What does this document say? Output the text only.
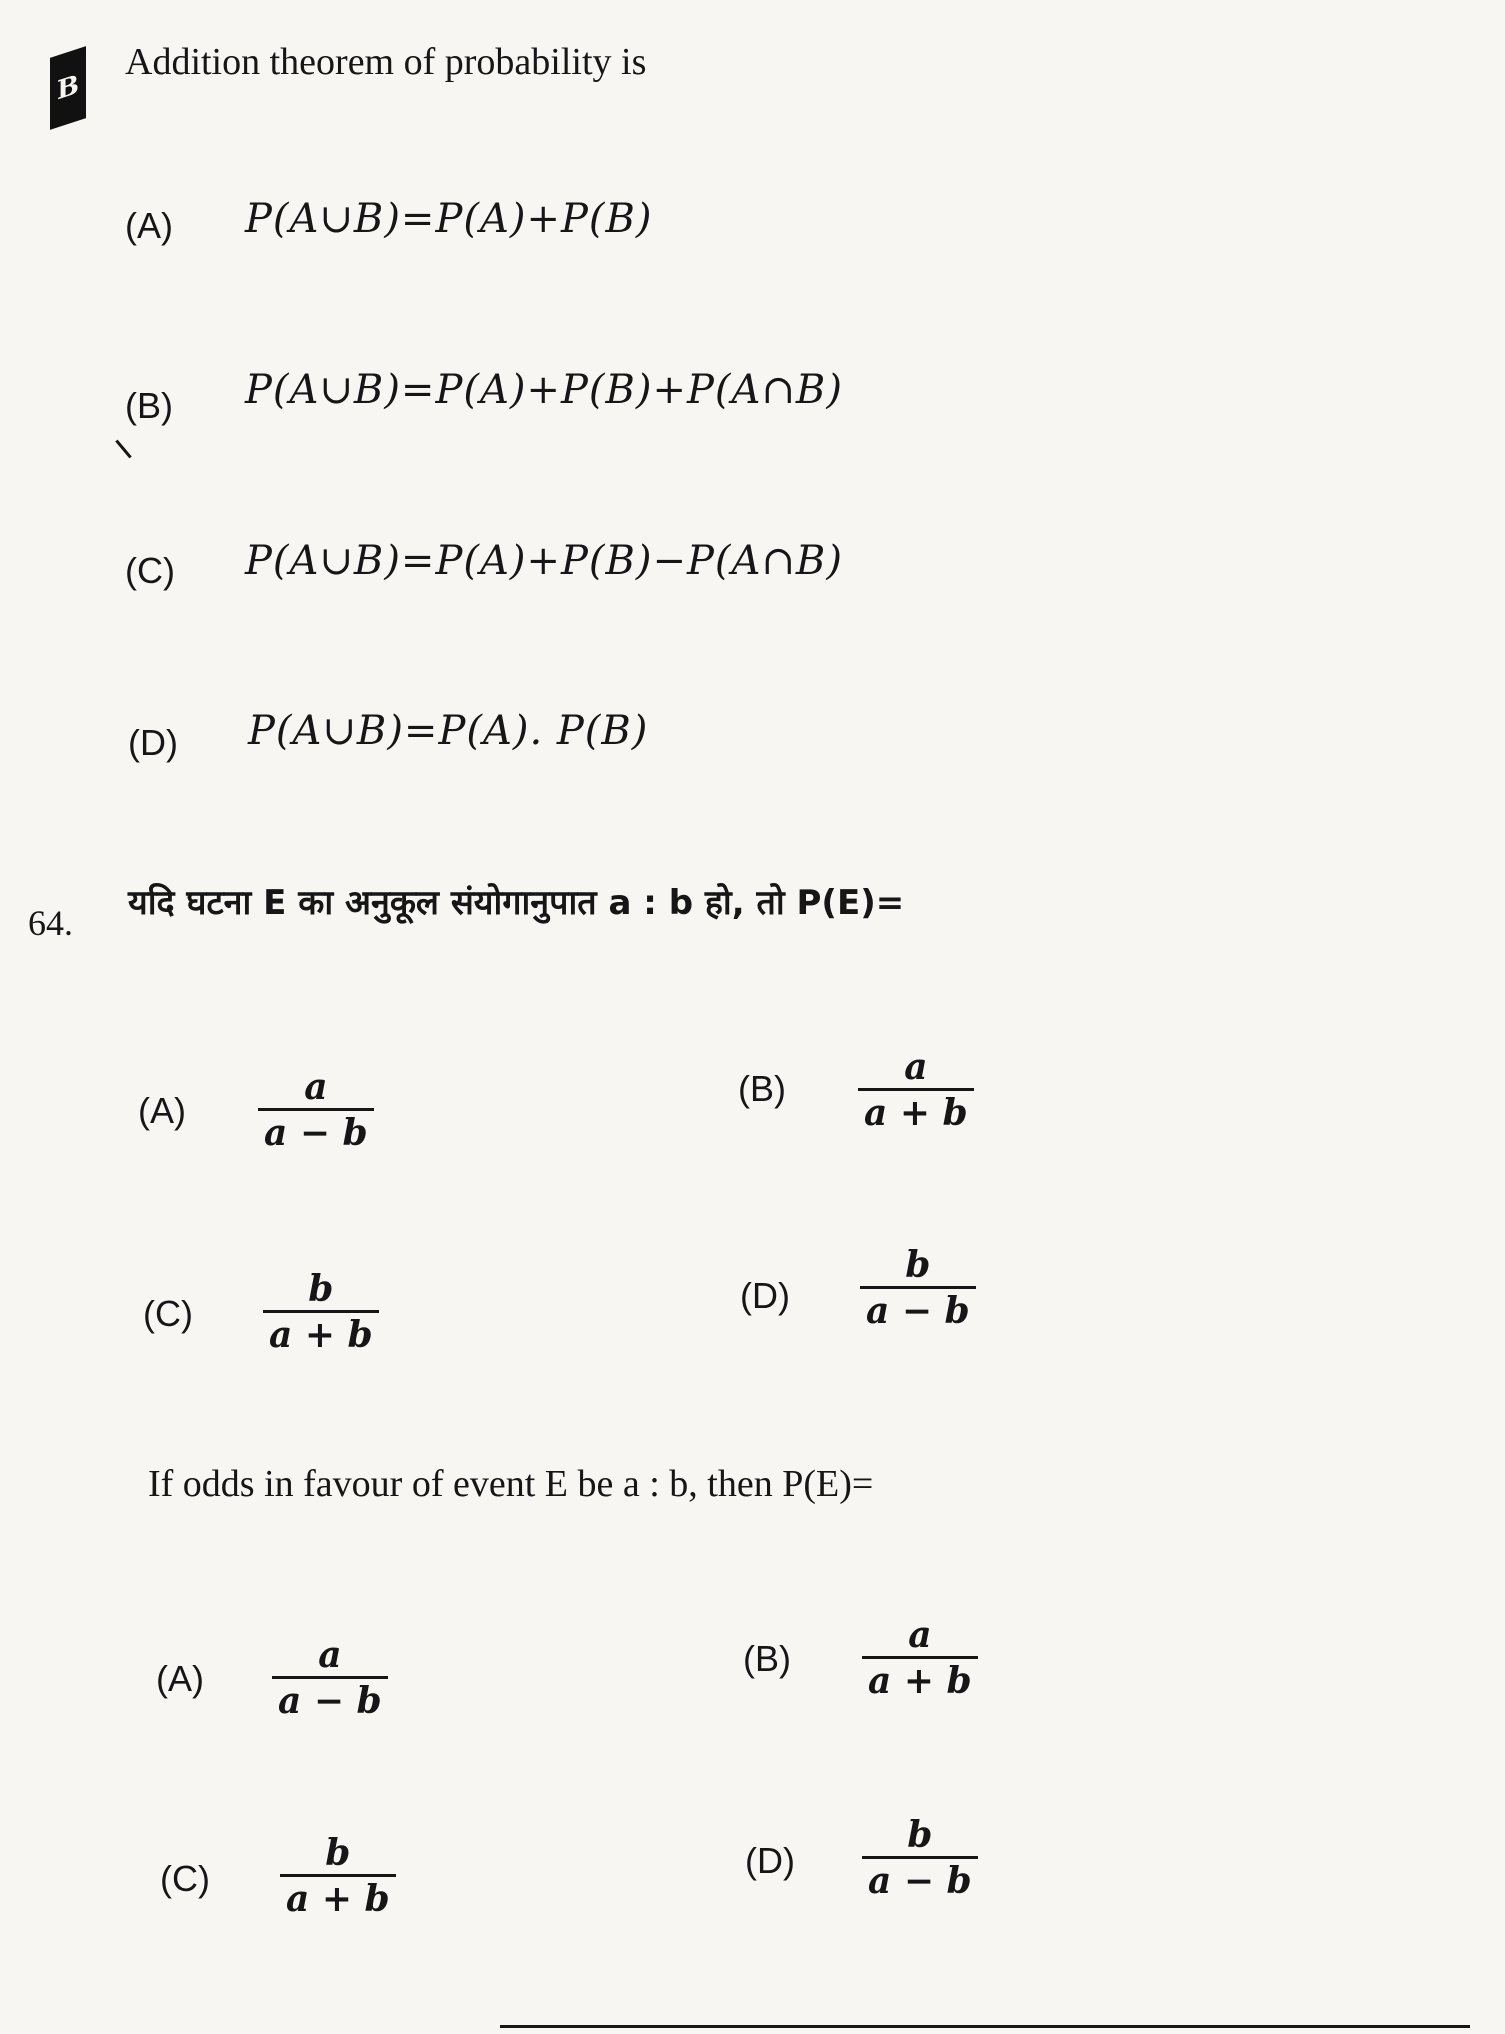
B
Addition theorem of probability is
(A) P(A∪B)=P(A)+P(B)
(B) P(A∪B)=P(A)+P(B)+P(A∩B)
(C) P(A∪B)=P(A)+P(B)−P(A∩B)
(D) P(A∪B)=P(A). P(B)
64. यदि घटना E का अनुकूल संयोगानुपात a : b हो, तो P(E)=
(A)
a
a − b
(B)
a
a + b
(C)
b
a + b
(D)
b
a − b
If odds in favour of event E be a : b, then P(E)=
(A)
a
a − b
(B)
a
a + b
(C)
b
a + b
(D)
b
a − b
